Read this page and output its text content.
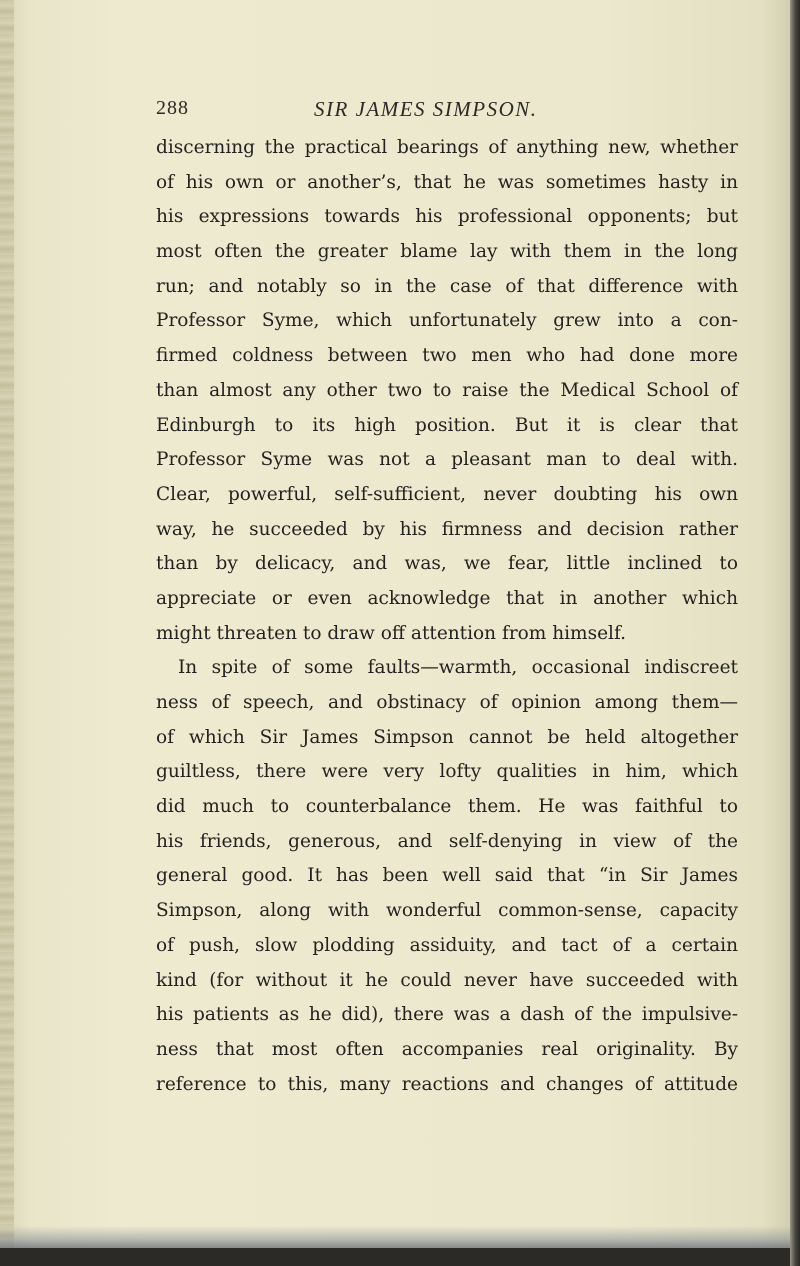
288	SIR JAMES SIMPSON.
discerning the practical bearings of anything new, whether
of his own or another’s, that he was sometimes hasty in
his expressions towards his professional opponents; but
most often the greater blame lay with them in the long
run; and notably so in the case of that difference with
Professor Syme, which unfortunately grew into a con-
firmed coldness between two men who had done more
than almost any other two to raise the Medical School of
Edinburgh to its high position. But it is clear that
Professor Syme was not a pleasant man to deal with.
Clear, powerful, self-sufficient, never doubting his own
way, he succeeded by his firmness and decision rather
than by delicacy, and was, we fear, little inclined to
appreciate or even acknowledge that in another which
might threaten to draw off attention from himself.
In spite of some faults—warmth, occasional indiscreet
ness of speech, and obstinacy of opinion among them—
of which Sir James Simpson cannot be held altogether
guiltless, there were very lofty qualities in him, which
did much to counterbalance them. He was faithful to
his friends, generous, and self-denying in view of the
general good. It has been well said that “in Sir James
Simpson, along with wonderful common-sense, capacity
of push, slow plodding assiduity, and tact of a certain
kind (for without it he could never have succeeded with
his patients as he did), there was a dash of the impulsive-
ness that most often accompanies real originality. By
reference to this, many reactions and changes of attitude
